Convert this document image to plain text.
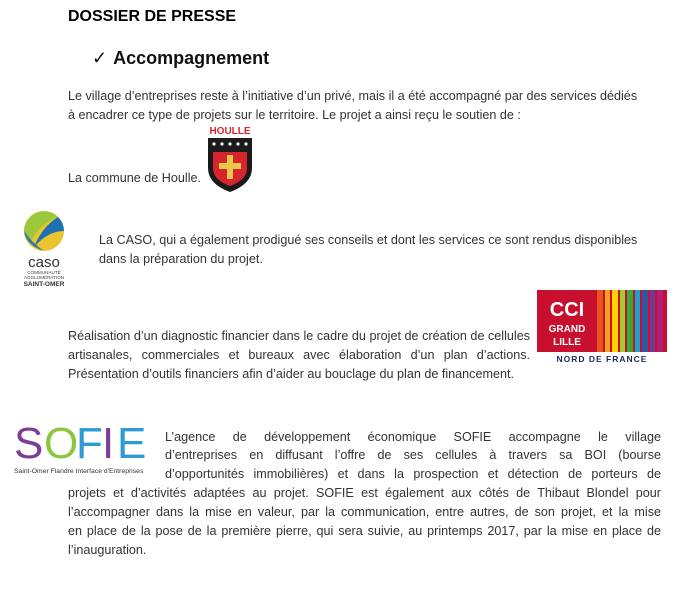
DOSSIER DE PRESSE
✓ Accompagnement

Le village d’entreprises reste à l’initiative d’un privé, mais il a été accompagné par des services dédiés

à encadrer ce type de projets sur le territoire. Le projet a ainsi reçu le soutien de :

HOULLE

La commune de Houlle.

caso
COMMUNAUTÉ
AGGLOMÉRATION
SAINT-OMER

La CASO, qui a également prodigué ses conseils et dont les services ce sont rendus disponibles

dans la préparation du projet.

CCI
GRAND
LILLE
NORD DE FRANCE

Réalisation d’un diagnostic financier dans le cadre du projet de création de cellules

artisanales, commerciales et bureaux avec élaboration d’un plan d’actions.

Présentation d’outils financiers afin d’aider au bouclage du plan de financement.

S O
F I E
Saint-Omer Flandre Interface d'Entreprises

L’agence de développement économique SOFIE accompagne le village

d’entreprises en diffusant l’offre de ses cellules à travers sa BOI (bourse

d’opportunités immobilières) et dans la prospection et détection de porteurs de

projets et d’activités adaptées au projet. SOFIE est également aux côtés de Thibaut Blondel pour

l’accompagner dans la mise en valeur, par la communication, entre autres, de son projet, et la mise

en place de la pose de la première pierre, qui sera suivie, au printemps 2017, par la mise en place de

l’inauguration.
